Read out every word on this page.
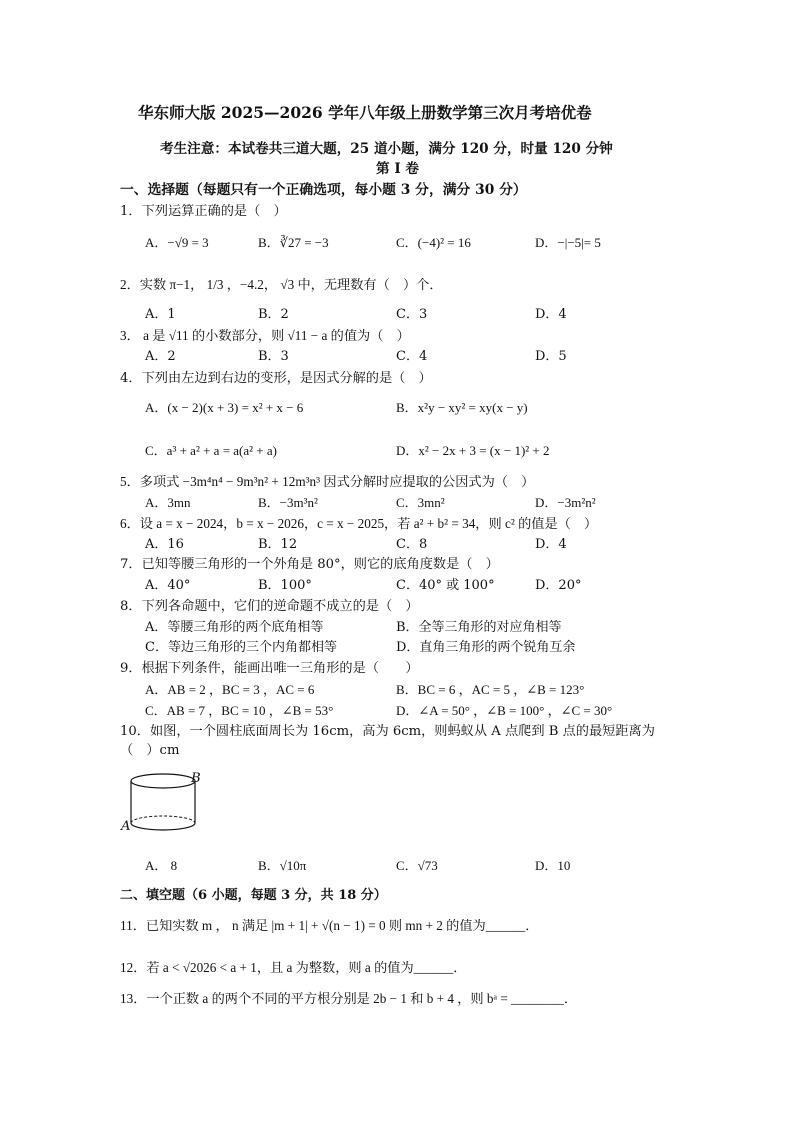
华东师大版 2025—2026 学年八年级上册数学第三次月考培优卷
考生注意：本试卷共三道大题，25 道小题，满分 120 分，时量 120 分钟
第 I 卷
一、选择题（每题只有一个正确选项，每小题 3 分，满分 30 分）
1．下列运算正确的是（　）
A．−√9 = 3	B．∛27 = −3	C．(−4)² = 16	D．−|−5|= 5
2．实数 π−1， 1/3 ，−4.2， √3 中，无理数有（　）个．
A．1	B．2	C．3	D．4
3． a 是 √11 的小数部分，则 √11 − a 的值为（　）
A．2	B．3	C．4	D．5
4．下列由左边到右边的变形，是因式分解的是（　）
A．(x − 2)(x + 3) = x² + x − 6	B．x²y − xy² = xy(x − y)
C．a³ + a² + a = a(a² + a)	D．x² − 2x + 3 = (x − 1)² + 2
5．多项式 −3m⁴n⁴ − 9m³n² + 12m³n³ 因式分解时应提取的公因式为（　）
A．3mn	B．−3m³n²	C．3mn²	D．−3m²n²
6．设 a = x − 2024，b = x − 2026，c = x − 2025，若 a² + b² = 34，则 c² 的值是（　）
A．16	B．12	C．8	D．4
7．已知等腰三角形的一个外角是 80°，则它的底角度数是（　）
A．40°	B．100°	C．40° 或 100°	D．20°
8．下列各命题中，它们的逆命题不成立的是（　）
A．等腰三角形的两个底角相等	B．全等三角形的对应角相等
C．等边三角形的三个内角都相等	D．直角三角形的两个锐角互余
9．根据下列条件，能画出唯一三角形的是（　　）
A．AB = 2 ，BC = 3 ，AC = 6	B．BC = 6 ，AC = 5 ，∠B = 123°
C．AB = 7 ，BC = 10 ，∠B = 53°	D．∠A = 50° ，∠B = 100° ，∠C = 30°
10．如图，一个圆柱底面周长为 16cm，高为 6cm，则蚂蚁从 A 点爬到 B 点的最短距离为
（　）cm
B
A
A． 8	B．√10π	C．√73	D．10
二、填空题（6 小题，每题 3 分，共 18 分）
11．已知实数 m ， n 满足 |m + 1| + √(n − 1) = 0 则 mn + 2 的值为______．
12．若 a < √2026 < a + 1，且 a 为整数，则 a 的值为______．
13．一个正数 a 的两个不同的平方根分别是 2b − 1 和 b + 4 ，则 bᵃ = ________．
